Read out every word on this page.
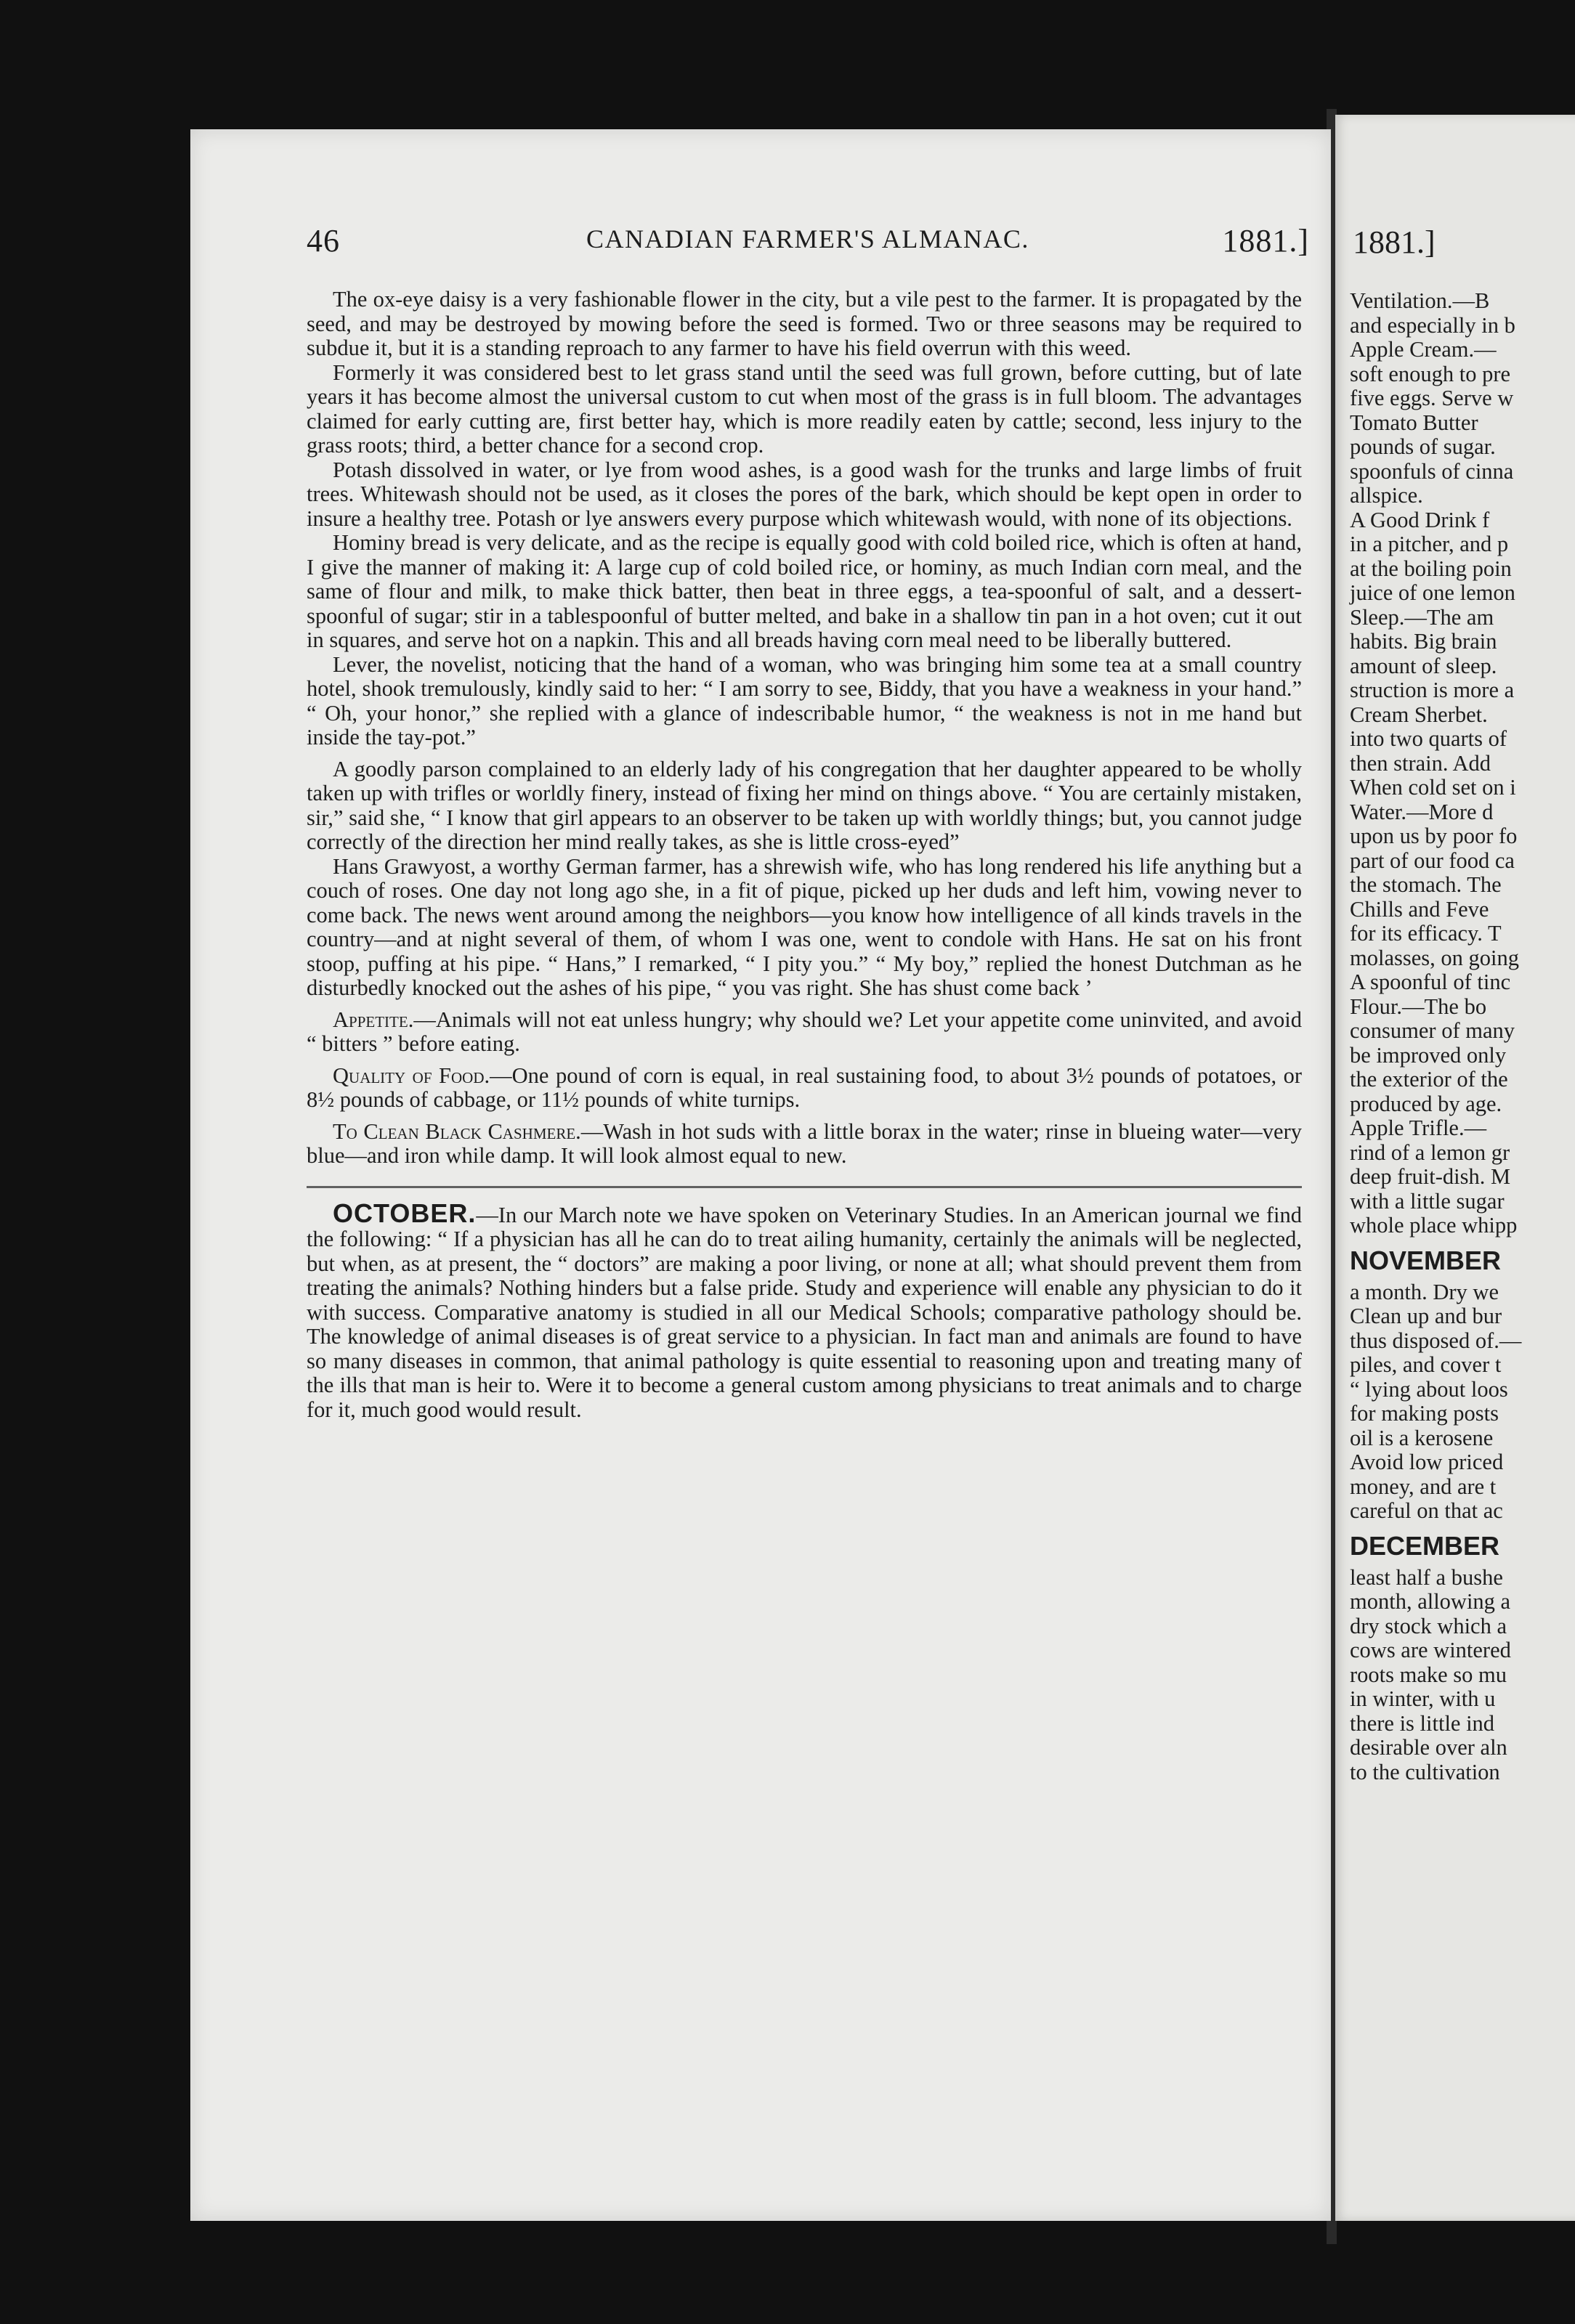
46	CANADIAN FARMER'S ALMANAC.	1881.]

The ox-eye daisy is a very fashionable flower in the city, but a vile pest to the farmer. It is propagated by the seed, and may be destroyed by mowing before the seed is formed. Two or three seasons may be required to subdue it, but it is a standing reproach to any farmer to have his field overrun with this weed.

Formerly it was considered best to let grass stand until the seed was full grown, before cutting, but of late years it has become almost the universal custom to cut when most of the grass is in full bloom. The advantages claimed for early cutting are, first better hay, which is more readily eaten by cattle; second, less injury to the grass roots; third, a better chance for a second crop.

Potash dissolved in water, or lye from wood ashes, is a good wash for the trunks and large limbs of fruit trees. Whitewash should not be used, as it closes the pores of the bark, which should be kept open in order to insure a healthy tree. Potash or lye answers every purpose which whitewash would, with none of its objections.

Hominy bread is very delicate, and as the recipe is equally good with cold boiled rice, which is often at hand, I give the manner of making it: A large cup of cold boiled rice, or hominy, as much Indian corn meal, and the same of flour and milk, to make thick batter, then beat in three eggs, a tea-spoonful of salt, and a dessert-spoonful of sugar; stir in a tablespoonful of butter melted, and bake in a shallow tin pan in a hot oven; cut it out in squares, and serve hot on a napkin. This and all breads having corn meal need to be liberally buttered.

Lever, the novelist, noticing that the hand of a woman, who was bringing him some tea at a small country hotel, shook tremulously, kindly said to her: “ I am sorry to see, Biddy, that you have a weakness in your hand.” “ Oh, your honor,” she replied with a glance of indescribable humor, “ the weakness is not in me hand but inside the tay-pot.”

A goodly parson complained to an elderly lady of his congregation that her daughter appeared to be wholly taken up with trifles or worldly finery, instead of fixing her mind on things above. “ You are certainly mistaken, sir,” said she, “ I know that girl appears to an observer to be taken up with worldly things; but, you cannot judge correctly of the direction her mind really takes, as she is little cross-eyed”

Hans Grawyost, a worthy German farmer, has a shrewish wife, who has long rendered his life anything but a couch of roses. One day not long ago she, in a fit of pique, picked up her duds and left him, vowing never to come back. The news went around among the neighbors—you know how intelligence of all kinds travels in the country—and at night several of them, of whom I was one, went to condole with Hans. He sat on his front stoop, puffing at his pipe. “ Hans,” I remarked, “ I pity you.” “ My boy,” replied the honest Dutchman as he disturbedly knocked out the ashes of his pipe, “ you vas right. She has shust come back ’

Appetite.—Animals will not eat unless hungry; why should we? Let your appetite come uninvited, and avoid “ bitters ” before eating.

Quality of Food.—One pound of corn is equal, in real sustaining food, to about 3½ pounds of potatoes, or 8½ pounds of cabbage, or 11½ pounds of white turnips.

To Clean Black Cashmere.—Wash in hot suds with a little borax in the water; rinse in blueing water—very blue—and iron while damp. It will look almost equal to new.

OCTOBER.—In our March note we have spoken on Veterinary Studies. In an American journal we find the following: “ If a physician has all he can do to treat ailing humanity, certainly the animals will be neglected, but when, as at present, the “ doctors” are making a poor living, or none at all; what should prevent them from treating the animals? Nothing hinders but a false pride. Study and experience will enable any physician to do it with success. Comparative anatomy is studied in all our Medical Schools; comparative pathology should be. The knowledge of animal diseases is of great service to a physician. In fact man and animals are found to have so many diseases in common, that animal pathology is quite essential to reasoning upon and treating many of the ills that man is heir to. Were it to become a general custom among physicians to treat animals and to charge for it, much good would result.

1881.]
Ventilation.—B
and especially in b
Apple Cream.—
soft enough to pre
five eggs. Serve w
Tomato Butter
pounds of sugar.
spoonfuls of cinna
allspice.
A Good Drink f
in a pitcher, and p
at the boiling poin
juice of one lemon
Sleep.—The am
habits. Big brain
amount of sleep.
struction is more a
Cream Sherbet.
into two quarts of
then strain. Add
When cold set on i
Water.—More d
upon us by poor fo
part of our food ca
the stomach. The
Chills and Feve
for its efficacy. T
molasses, on going
A spoonful of tinc
Flour.—The bo
consumer of many
be improved only
the exterior of the
produced by age.
Apple Trifle.—
rind of a lemon gr
deep fruit-dish. M
with a little sugar
whole place whipp
NOVEMBER
a month. Dry we
Clean up and bur
thus disposed of.—
piles, and cover t
“ lying about loos
for making posts
oil is a kerosene
Avoid low priced
money, and are t
careful on that ac
DECEMBER
least half a bushe
month, allowing a
dry stock which a
cows are wintered
roots make so mu
in winter, with u
there is little ind
desirable over aln
to the cultivation
